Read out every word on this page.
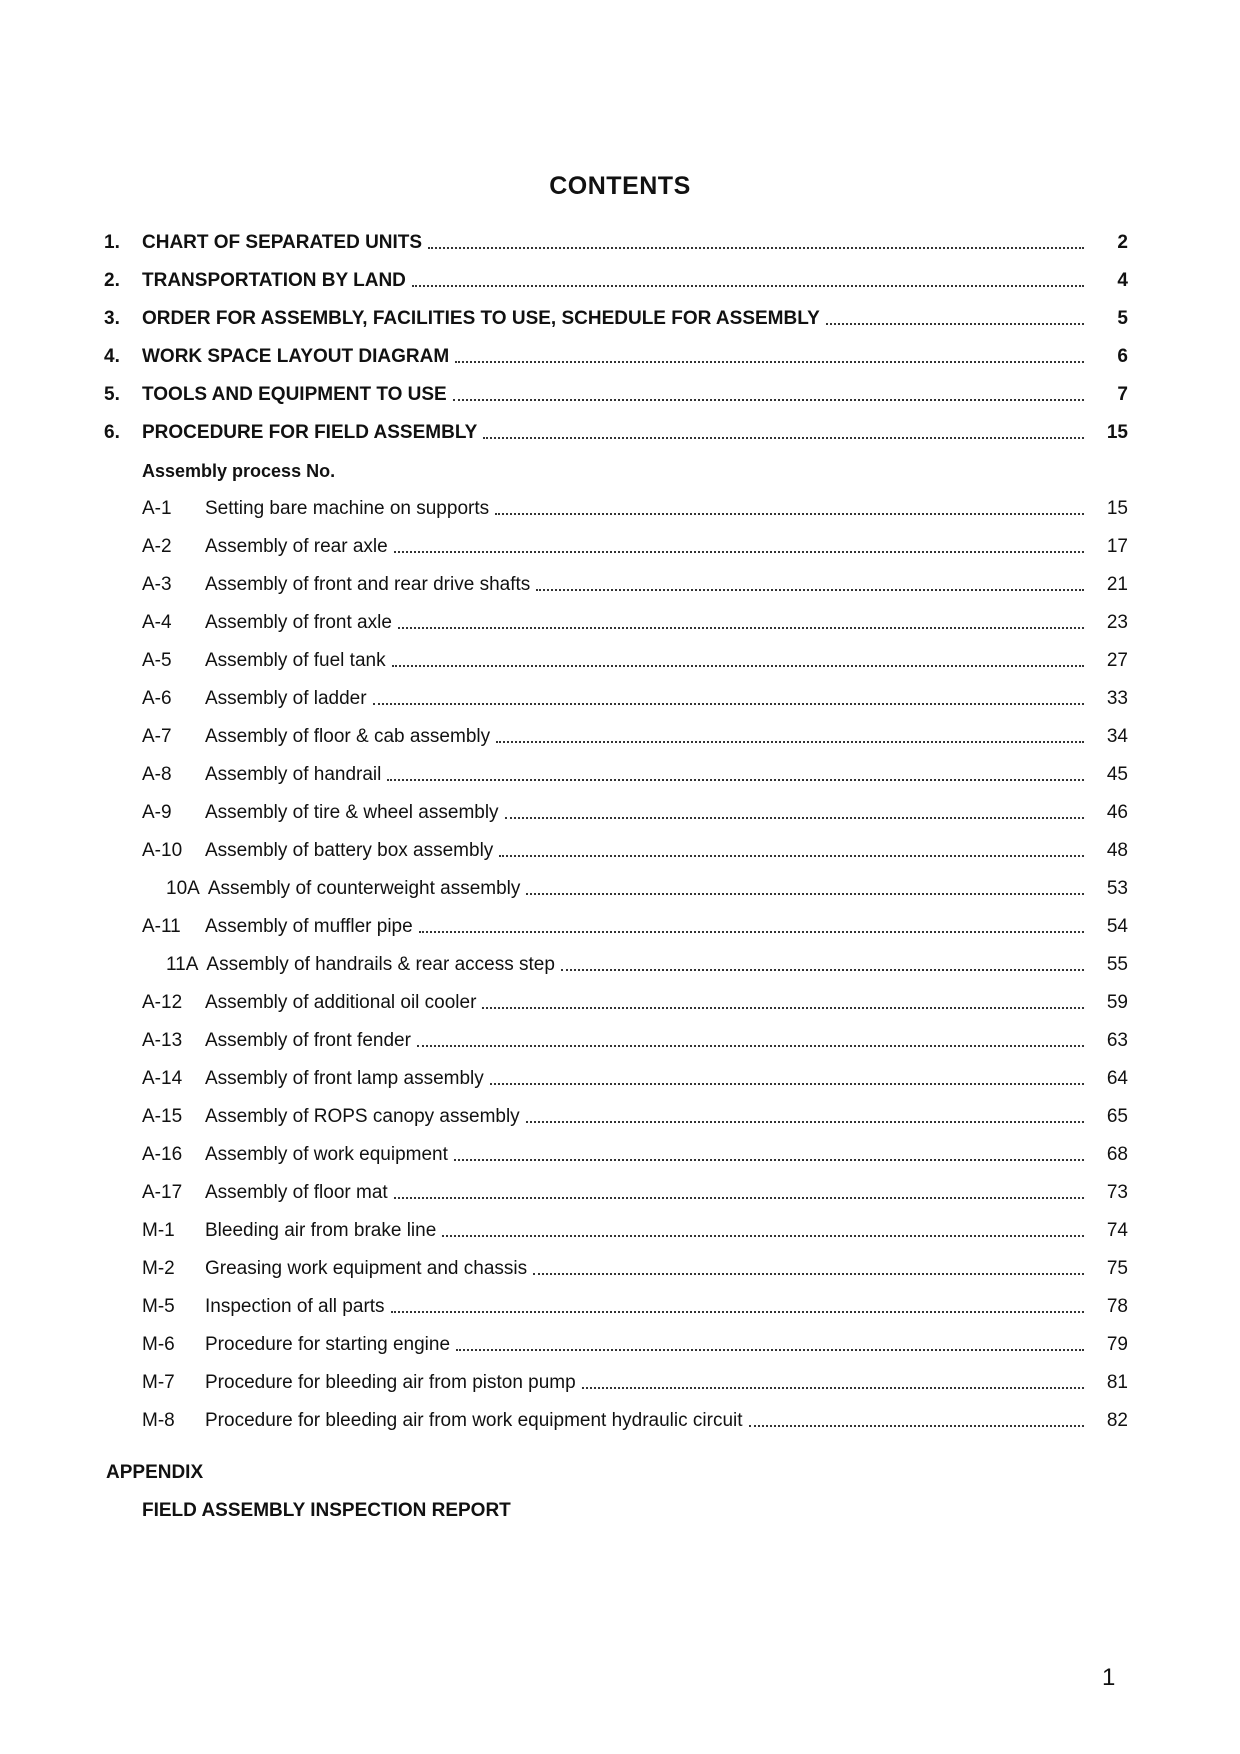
CONTENTS
1.	CHART OF SEPARATED UNITS	2
2.	TRANSPORTATION BY LAND	4
3.	ORDER FOR ASSEMBLY, FACILITIES TO USE, SCHEDULE FOR ASSEMBLY	5
4.	WORK SPACE LAYOUT DIAGRAM	6
5.	TOOLS AND EQUIPMENT TO USE	7
6.	PROCEDURE FOR FIELD ASSEMBLY	15
Assembly process No.
A-1	Setting bare machine on supports	15
A-2	Assembly of rear axle	17
A-3	Assembly of front and rear drive shafts	21
A-4	Assembly of front axle	23
A-5	Assembly of fuel tank	27
A-6	Assembly of ladder	33
A-7	Assembly of floor & cab assembly	34
A-8	Assembly of handrail	45
A-9	Assembly of tire & wheel assembly	46
A-10	Assembly of battery box assembly	48
10A Assembly of counterweight assembly	53
A-11	Assembly of muffler pipe	54
11A Assembly of handrails & rear access step	55
A-12	Assembly of additional oil cooler	59
A-13	Assembly of front fender	63
A-14	Assembly of front lamp assembly	64
A-15	Assembly of ROPS canopy assembly	65
A-16	Assembly of work equipment	68
A-17	Assembly of floor mat	73
M-1	Bleeding air from brake line	74
M-2	Greasing work equipment and chassis	75
M-5	Inspection of all parts	78
M-6	Procedure for starting engine	79
M-7	Procedure for bleeding air from piston pump	81
M-8	Procedure for bleeding air from work equipment hydraulic circuit	82
APPENDIX
FIELD ASSEMBLY INSPECTION REPORT
1
